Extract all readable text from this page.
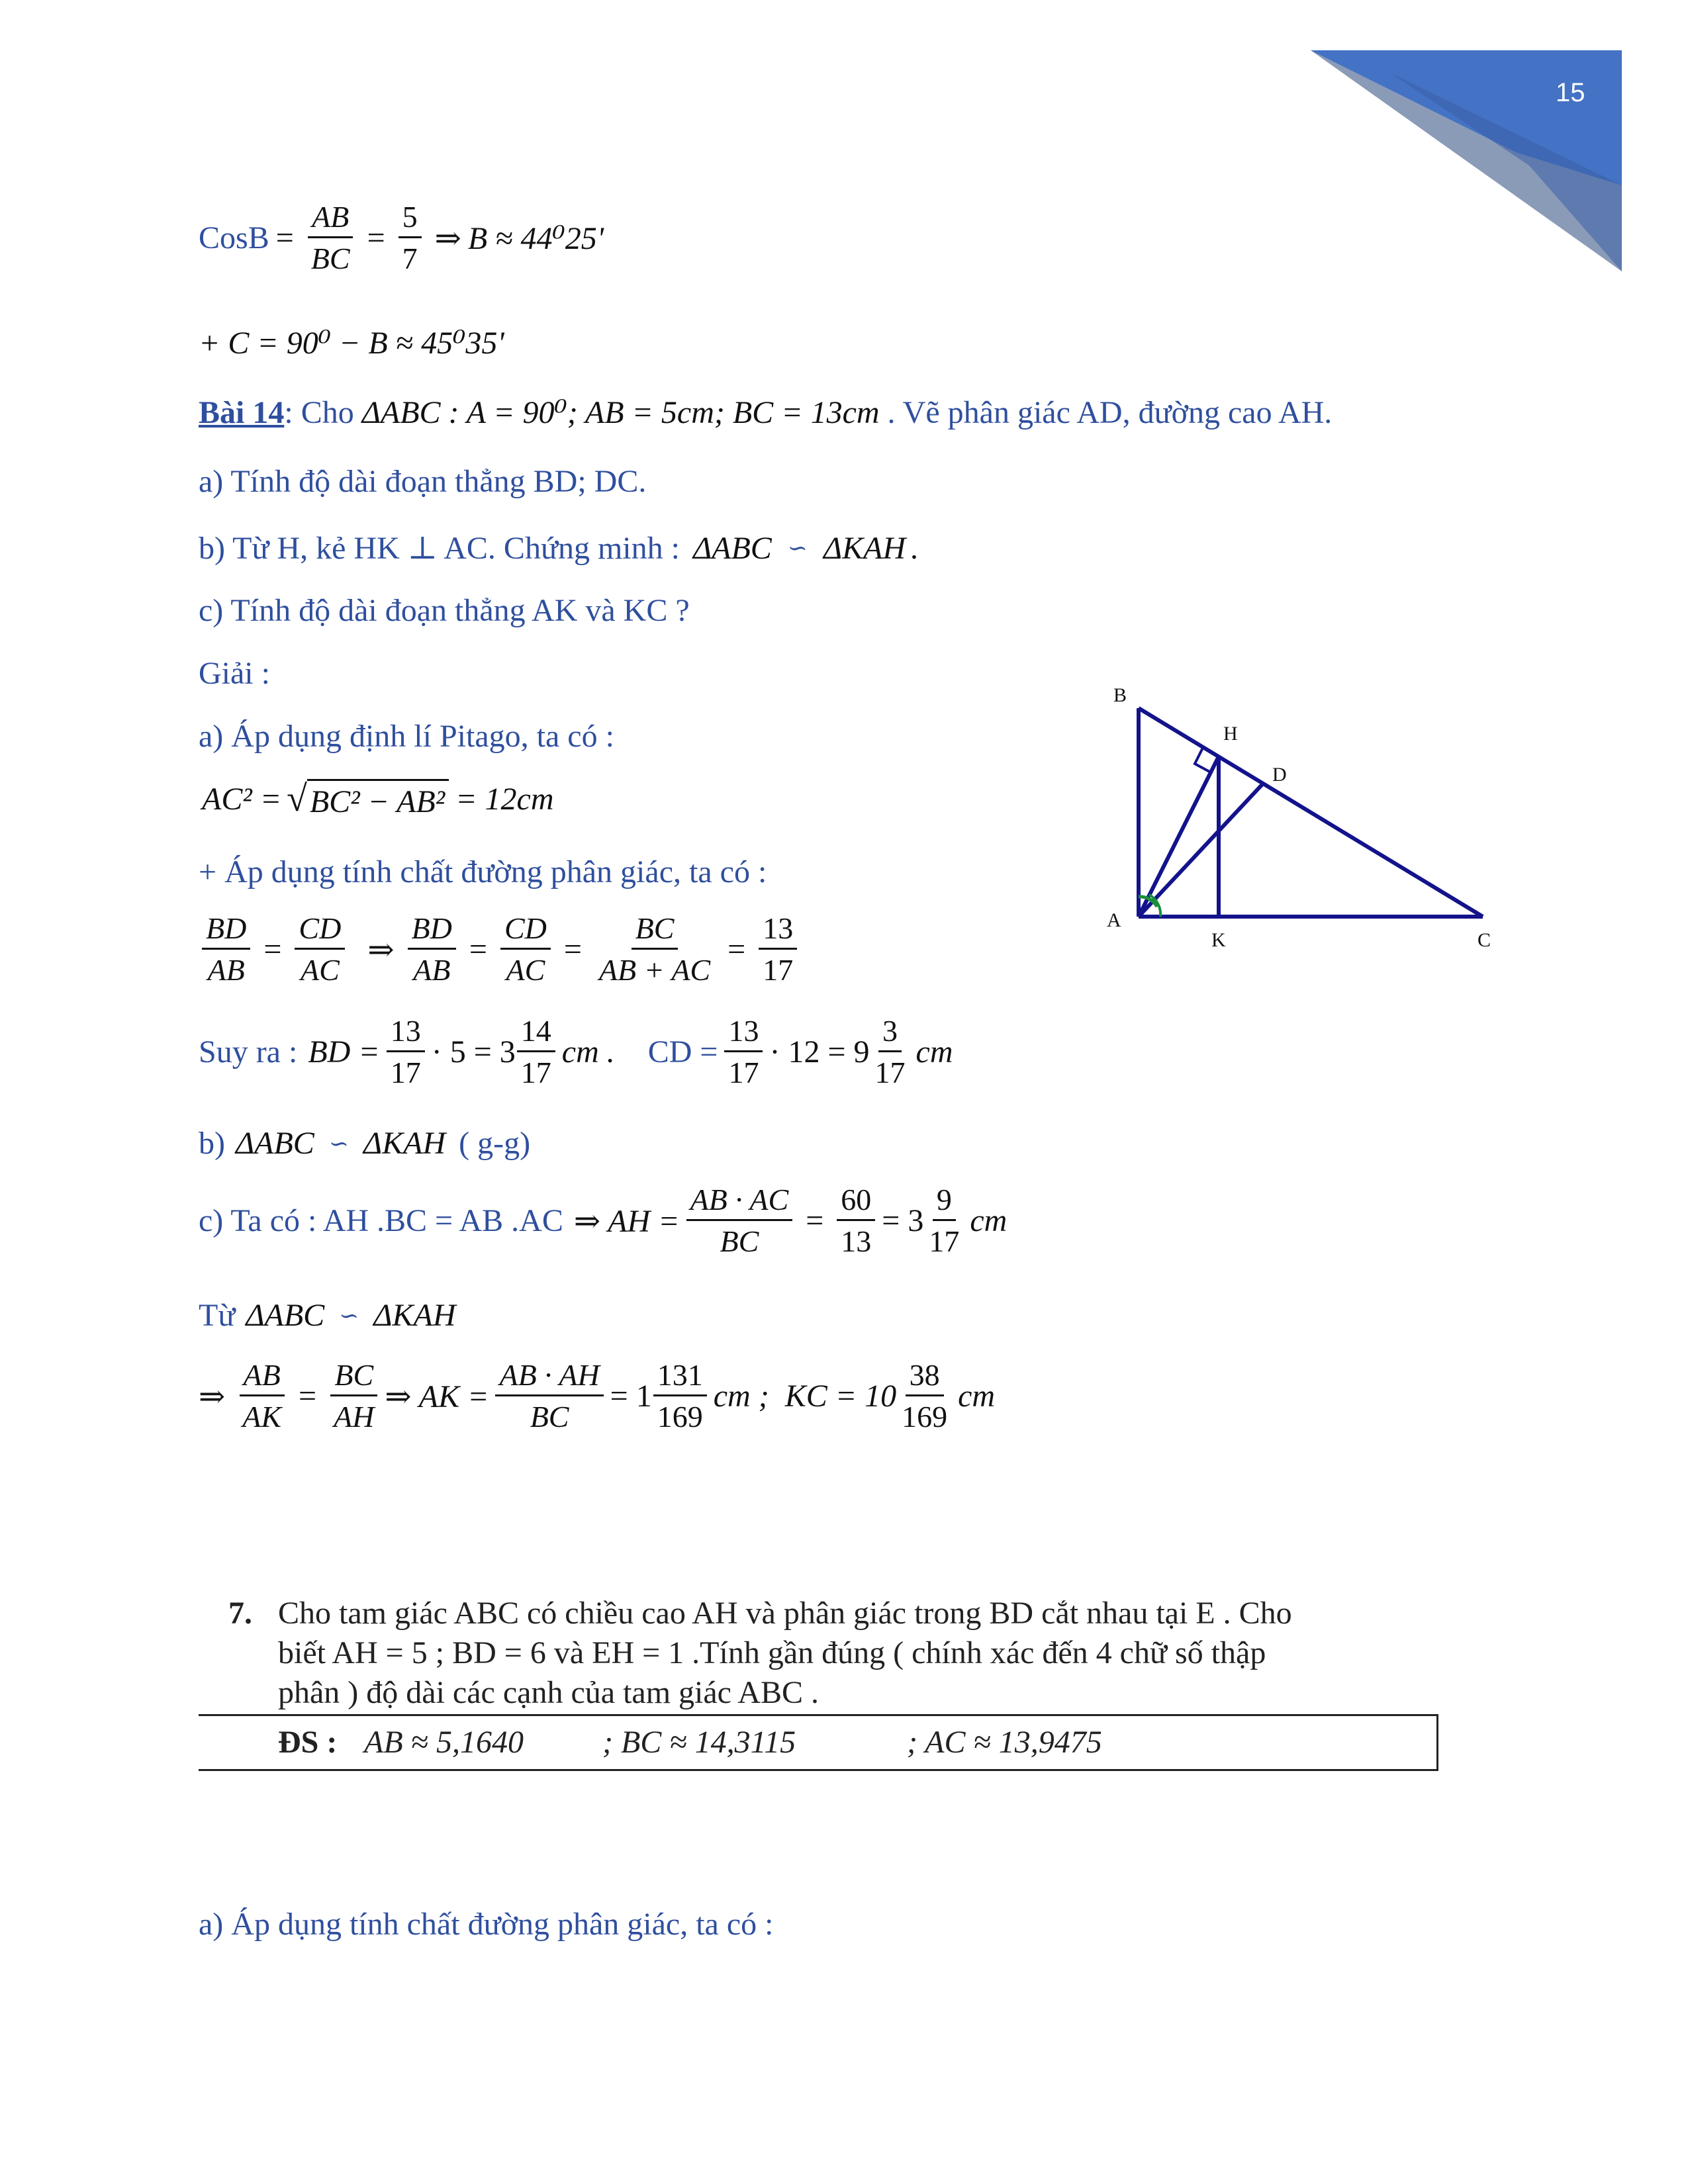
15
CosB = $\frac{AB}{BC} = \frac{5}{7}$ ⇒ B ≈ 44⁰25'
+ C = 90⁰ − B ≈ 45⁰35'
Bài 14 : Cho ΔABC : A = 90⁰; AB = 5cm; BC = 13cm . Vẽ phân giác AD, đường cao AH.
a) Tính độ dài đoạn thẳng BD; DC.
b) Từ H, kẻ HK ⊥ AC. Chứng minh : ΔABC ∽ ΔKAH .
c) Tính độ dài đoạn thẳng AK và KC ?
Giải :
a) Áp dụng định lí Pitago, ta có :
AC² = √ BC² − AB² = 12cm
+ Áp dụng tính chất đường phân giác, ta có :
$\frac{BD}{AB} = \frac{CD}{AC}$ ⇒ $\frac{BD}{AB} = \frac{CD}{AC} = \frac{BC}{AB + AC} = \frac{13}{17}$
Suy ra : BD = $\frac{13}{17} \cdot 5 = 3 \frac{14}{17}$ cm . CD = $\frac{13}{17} \cdot 12 = 9 \frac{3}{17}$ cm
b) ΔABC ∽ ΔKAH ( g-g)
c) Ta có : AH .BC = AB .AC ⇒ AH = $\frac{AB \cdot AC}{BC} = \frac{60}{13} = 3 \frac{9}{17}$ cm
Từ ΔABC ∽ ΔKAH
⇒ $\frac{AB}{AK} = \frac{BC}{AH}$ ⇒ AK = $\frac{AB \cdot AH}{BC} = 1 \frac{131}{169}$ cm ; KC = $10 \frac{38}{169}$ cm
7. Cho tam giác ABC có chiều cao AH và phân giác trong BD cắt nhau tại E . Cho
biết AH = 5 ; BD = 6 và EH = 1 .Tính gần đúng ( chính xác đến 4 chữ số thập
phân ) độ dài các cạnh của tam giác ABC .
ĐS : AB ≈ 5,1640 ; BC ≈ 14,3115	; AC ≈ 13,9475
a) Áp dụng tính chất đường phân giác, ta có :
B
H
D
A
K	C
